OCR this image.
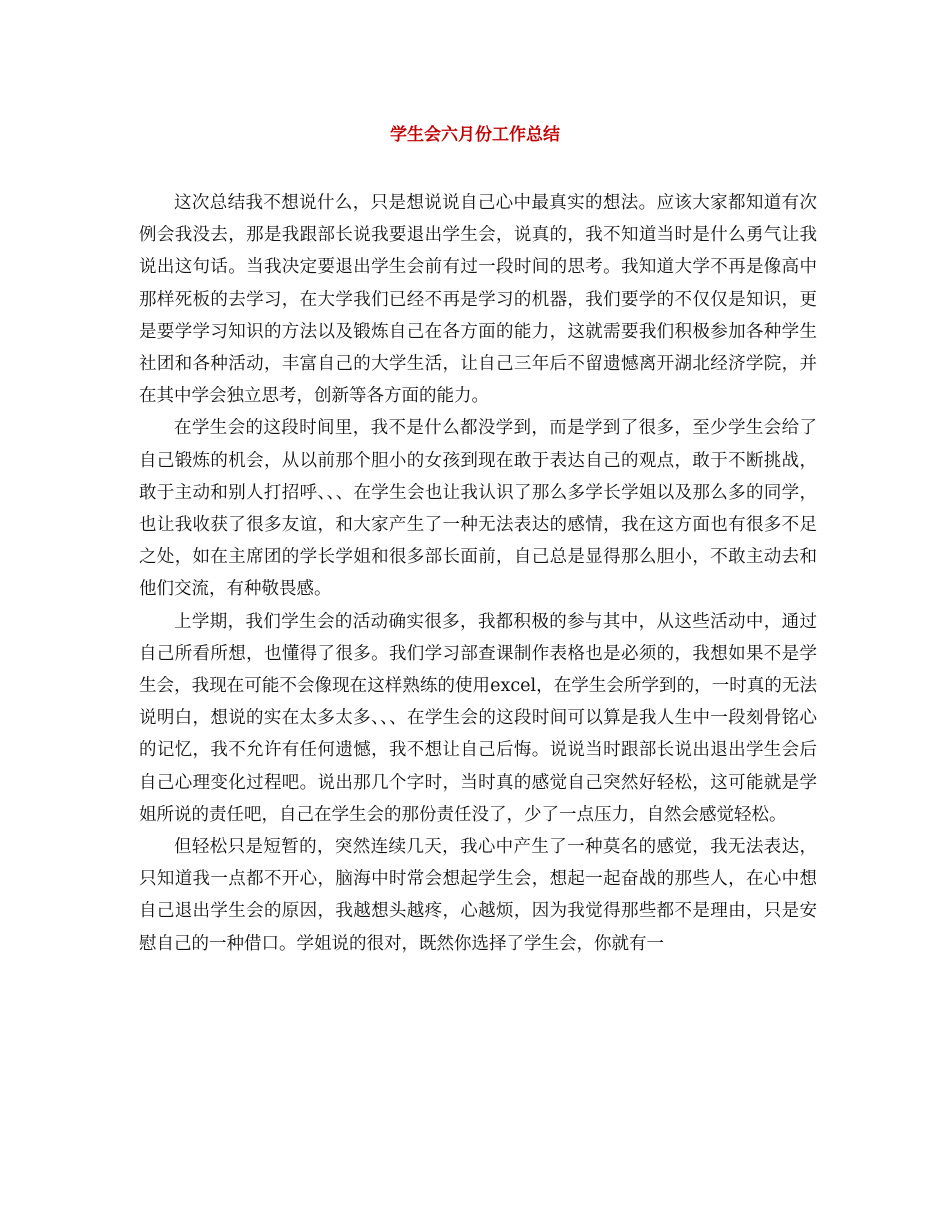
学生会六月份工作总结

这次总结我不想说什么，只是想说说自己心中最真实的想法。应该大家都知道有次例会我没去，那是我跟部长说我要退出学生会，说真的，我不知道当时是什么勇气让我说出这句话。当我决定要退出学生会前有过一段时间的思考。我知道大学不再是像高中那样死板的去学习，在大学我们已经不再是学习的机器，我们要学的不仅仅是知识，更是要学学习知识的方法以及锻炼自己在各方面的能力，这就需要我们积极参加各种学生社团和各种活动，丰富自己的大学生活，让自己三年后不留遗憾离开湖北经济学院，并在其中学会独立思考，创新等各方面的能力。

在学生会的这段时间里，我不是什么都没学到，而是学到了很多，至少学生会给了自己锻炼的机会，从以前那个胆小的女孩到现在敢于表达自己的观点，敢于不断挑战，敢于主动和别人打招呼、、、在学生会也让我认识了那么多学长学姐以及那么多的同学，也让我收获了很多友谊，和大家产生了一种无法表达的感情，我在这方面也有很多不足之处，如在主席团的学长学姐和很多部长面前，自己总是显得那么胆小，不敢主动去和他们交流，有种敬畏感。

上学期，我们学生会的活动确实很多，我都积极的参与其中，从这些活动中，通过自己所看所想，也懂得了很多。我们学习部查课制作表格也是必须的，我想如果不是学生会，我现在可能不会像现在这样熟练的使用excel，在学生会所学到的，一时真的无法说明白，想说的实在太多太多、、、在学生会的这段时间可以算是我人生中一段刻骨铭心的记忆，我不允许有任何遗憾，我不想让自己后悔。说说当时跟部长说出退出学生会后自己心理变化过程吧。说出那几个字时，当时真的感觉自己突然好轻松，这可能就是学姐所说的责任吧，自己在学生会的那份责任没了，少了一点压力，自然会感觉轻松。

但轻松只是短暂的，突然连续几天，我心中产生了一种莫名的感觉，我无法表达，只知道我一点都不开心，脑海中时常会想起学生会，想起一起奋战的那些人，在心中想自己退出学生会的原因，我越想头越疼，心越烦，因为我觉得那些都不是理由，只是安慰自己的一种借口。学姐说的很对，既然你选择了学生会，你就有一
